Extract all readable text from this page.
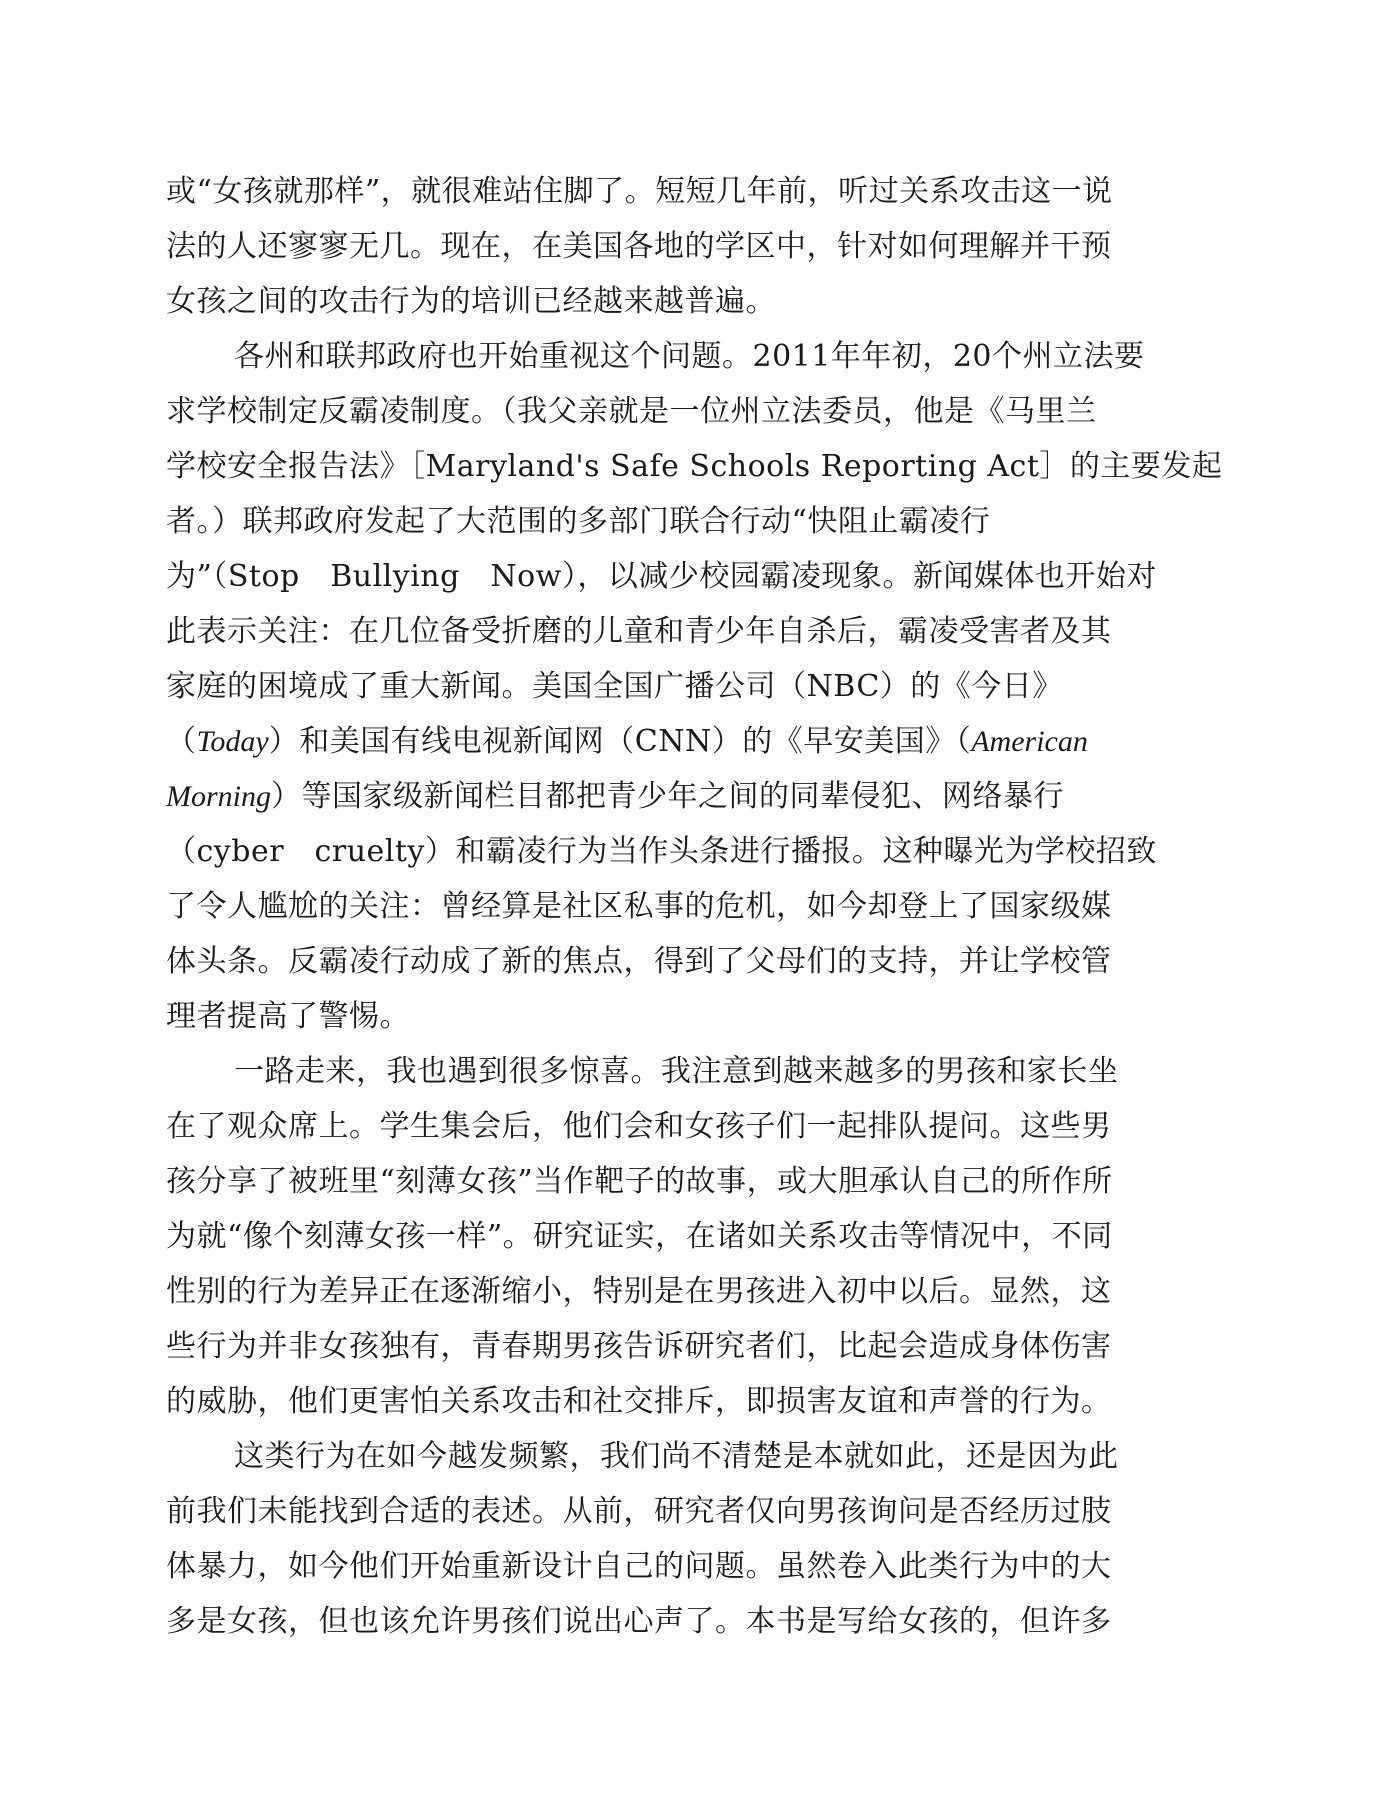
或“女孩就那样”，就很难站住脚了。短短几年前，听过关系攻击这一说
法的人还寥寥无几。现在，在美国各地的学区中，针对如何理解并干预
女孩之间的攻击行为的培训已经越来越普遍。

各州和联邦政府也开始重视这个问题。2011年年初，20个州立法要
求学校制定反霸凌制度。（我父亲就是一位州立法委员，他是《马里兰
学校安全报告法》［Maryland's Safe Schools Reporting Act］的主要发起
者。）联邦政府发起了大范围的多部门联合行动“快阻止霸凌行
为”（Stop　Bullying　Now），以减少校园霸凌现象。新闻媒体也开始对
此表示关注：在几位备受折磨的儿童和青少年自杀后，霸凌受害者及其
家庭的困境成了重大新闻。美国全国广播公司（NBC）的《今日》
（Today）和美国有线电视新闻网（CNN）的《早安美国》（American
Morning）等国家级新闻栏目都把青少年之间的同辈侵犯、网络暴行
（cyber　cruelty）和霸凌行为当作头条进行播报。这种曝光为学校招致
了令人尴尬的关注：曾经算是社区私事的危机，如今却登上了国家级媒
体头条。反霸凌行动成了新的焦点，得到了父母们的支持，并让学校管
理者提高了警惕。

一路走来，我也遇到很多惊喜。我注意到越来越多的男孩和家长坐
在了观众席上。学生集会后，他们会和女孩子们一起排队提问。这些男
孩分享了被班里“刻薄女孩”当作靶子的故事，或大胆承认自己的所作所
为就“像个刻薄女孩一样”。研究证实，在诸如关系攻击等情况中，不同
性别的行为差异正在逐渐缩小，特别是在男孩进入初中以后。显然，这
些行为并非女孩独有，青春期男孩告诉研究者们，比起会造成身体伤害
的威胁，他们更害怕关系攻击和社交排斥，即损害友谊和声誉的行为。

这类行为在如今越发频繁，我们尚不清楚是本就如此，还是因为此
前我们未能找到合适的表述。从前，研究者仅向男孩询问是否经历过肢
体暴力，如今他们开始重新设计自己的问题。虽然卷入此类行为中的大
多是女孩，但也该允许男孩们说出心声了。本书是写给女孩的，但许多
